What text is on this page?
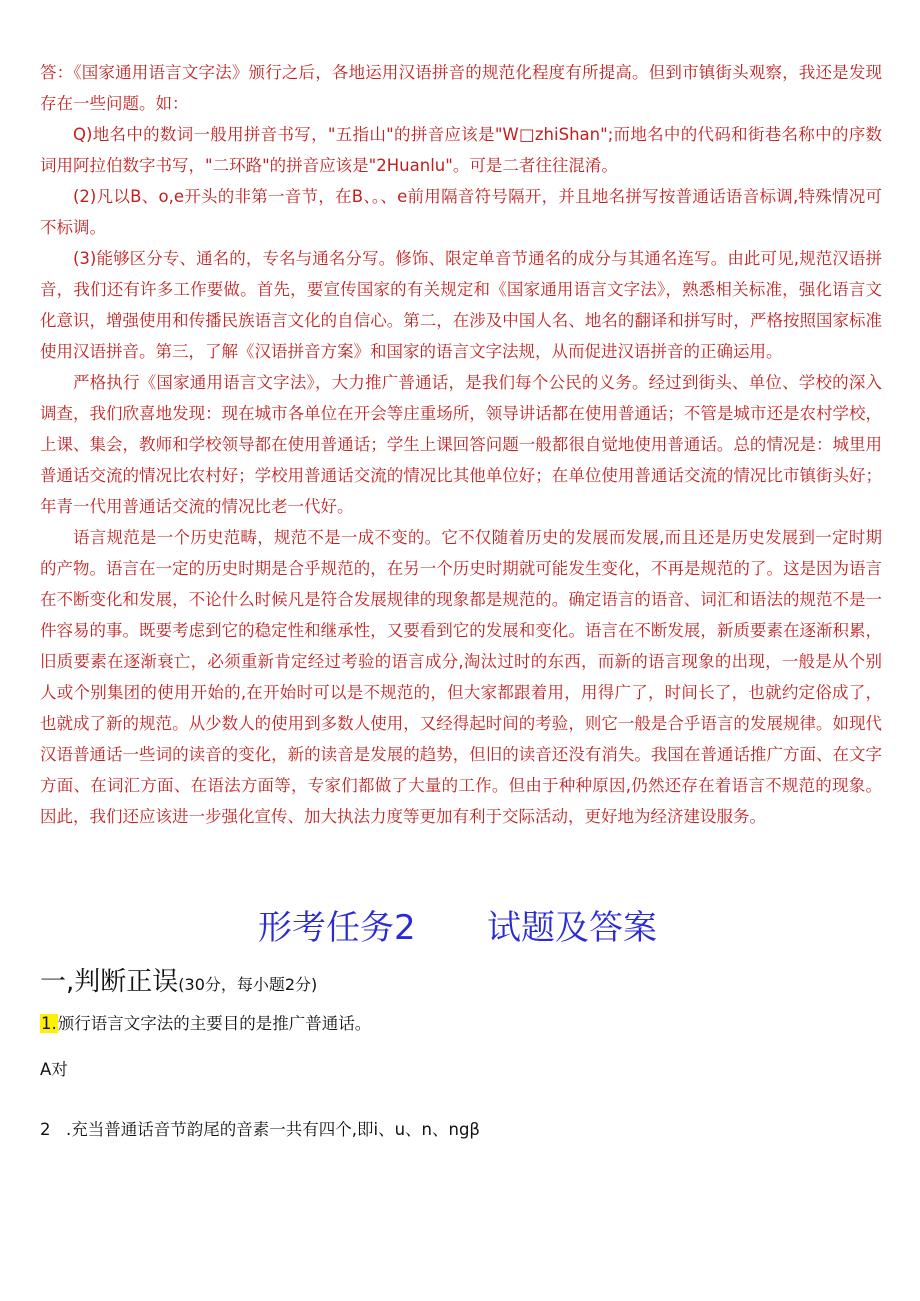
答：《国家通用语言文字法》颁行之后，各地运用汉语拼音的规范化程度有所提高。但到市镇街头观察，我还是发现存在一些问题。如：

Q)地名中的数词一般用拼音书写，"五指山"的拼音应该是"W□zhiShan";而地名中的代码和街巷名称中的序数词用阿拉伯数字书写，"二环路"的拼音应该是"2Huanlu"。可是二者往往混淆。

(2)凡以B、o,e开头的非第一音节，在B、。、e前用隔音符号隔开，并且地名拼写按普通话语音标调,特殊情况可不标调。

(3)能够区分专、通名的，专名与通名分写。修饰、限定单音节通名的成分与其通名连写。由此可见,规范汉语拼音，我们还有许多工作要做。首先，要宣传国家的有关规定和《国家通用语言文字法》，熟悉相关标准，强化语言文化意识，增强使用和传播民族语言文化的自信心。第二，在涉及中国人名、地名的翻译和拼写时，严格按照国家标准使用汉语拼音。第三，了解《汉语拼音方案》和国家的语言文字法规，从而促进汉语拼音的正确运用。

严格执行《国家通用语言文字法》，大力推广普通话，是我们每个公民的义务。经过到街头、单位、学校的深入调查，我们欣喜地发现：现在城市各单位在开会等庄重场所，领导讲话都在使用普通话；不管是城市还是农村学校，上课、集会，教师和学校领导都在使用普通话；学生上课回答问题一般都很自觉地使用普通话。总的情况是：城里用普通话交流的情况比农村好；学校用普通话交流的情况比其他单位好；在单位使用普通话交流的情况比市镇街头好；年青一代用普通话交流的情况比老一代好。

语言规范是一个历史范畴，规范不是一成不变的。它不仅随着历史的发展而发展,而且还是历史发展到一定时期的产物。语言在一定的历史时期是合乎规范的，在另一个历史时期就可能发生变化，不再是规范的了。这是因为语言在不断变化和发展，不论什么时候凡是符合发展规律的现象都是规范的。确定语言的语音、词汇和语法的规范不是一件容易的事。既要考虑到它的稳定性和继承性，又要看到它的发展和变化。语言在不断发展，新质要素在逐渐积累，旧质要素在逐渐衰亡，必须重新肯定经过考验的语言成分,淘汰过时的东西，而新的语言现象的出现，一般是从个别人或个别集团的使用开始的,在开始时可以是不规范的，但大家都跟着用，用得广了，时间长了，也就约定俗成了，也就成了新的规范。从少数人的使用到多数人使用，又经得起时间的考验，则它一般是合乎语言的发展规律。如现代汉语普通话一些词的读音的变化，新的读音是发展的趋势，但旧的读音还没有消失。我国在普通话推广方面、在文字方面、在词汇方面、在语法方面等，专家们都做了大量的工作。但由于种种原因,仍然还存在着语言不规范的现象。因此，我们还应该进一步强化宣传、加大执法力度等更加有利于交际活动，更好地为经济建设服务。

形考任务2 试题及答案
一,判断正误(30分，每小题2分)
1.颁行语言文字法的主要目的是推广普通话。
A对
2 .充当普通话音节韵尾的音素一共有四个,即i、u、n、ngβ
